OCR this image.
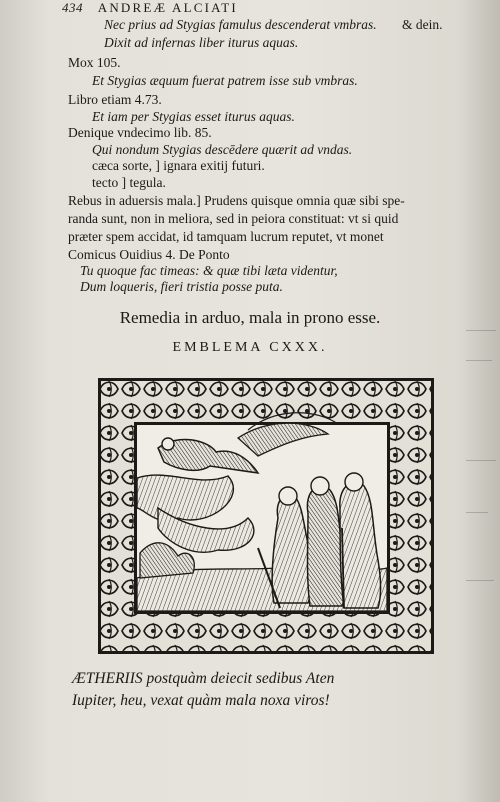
434 ANDREÆ ALCIATI
Nec prius ad Stygias famulus descenderat vmbras. & dein.
Dixit ad infernas liber iturus aquas.
Mox 105.
Et Stygias æquum fuerat patrem isse sub vmbras.
Libro etiam 4.73.
Et iam per Stygias esset iturus aquas.
Denique vndecimo lib. 85.
Qui nondum Stygias descēdere quærit ad vndas.
cæca sorte, ] ignara exitij futuri.
tecto ] tegula.
Rebus in aduersis mala.] Prudens quisque omnia quæ sibi spe-
randa sunt, non in meliora, sed in peiora constituat: vt si quid
præter spem accidat, id tamquam lucrum reputet, vt monet
Comicus Ouidius 4. De Ponto
Tu quoque fac timeas: & quæ tibi læta videntur,
Dum loqueris, fieri tristia posse puta.
Remedia in arduo, mala in prono esse.
EMBLEMA CXXX.
ÆTHERIIS postquàm deiecit sedibus Aten
Iupiter, heu, vexat quàm mala noxa viros!
